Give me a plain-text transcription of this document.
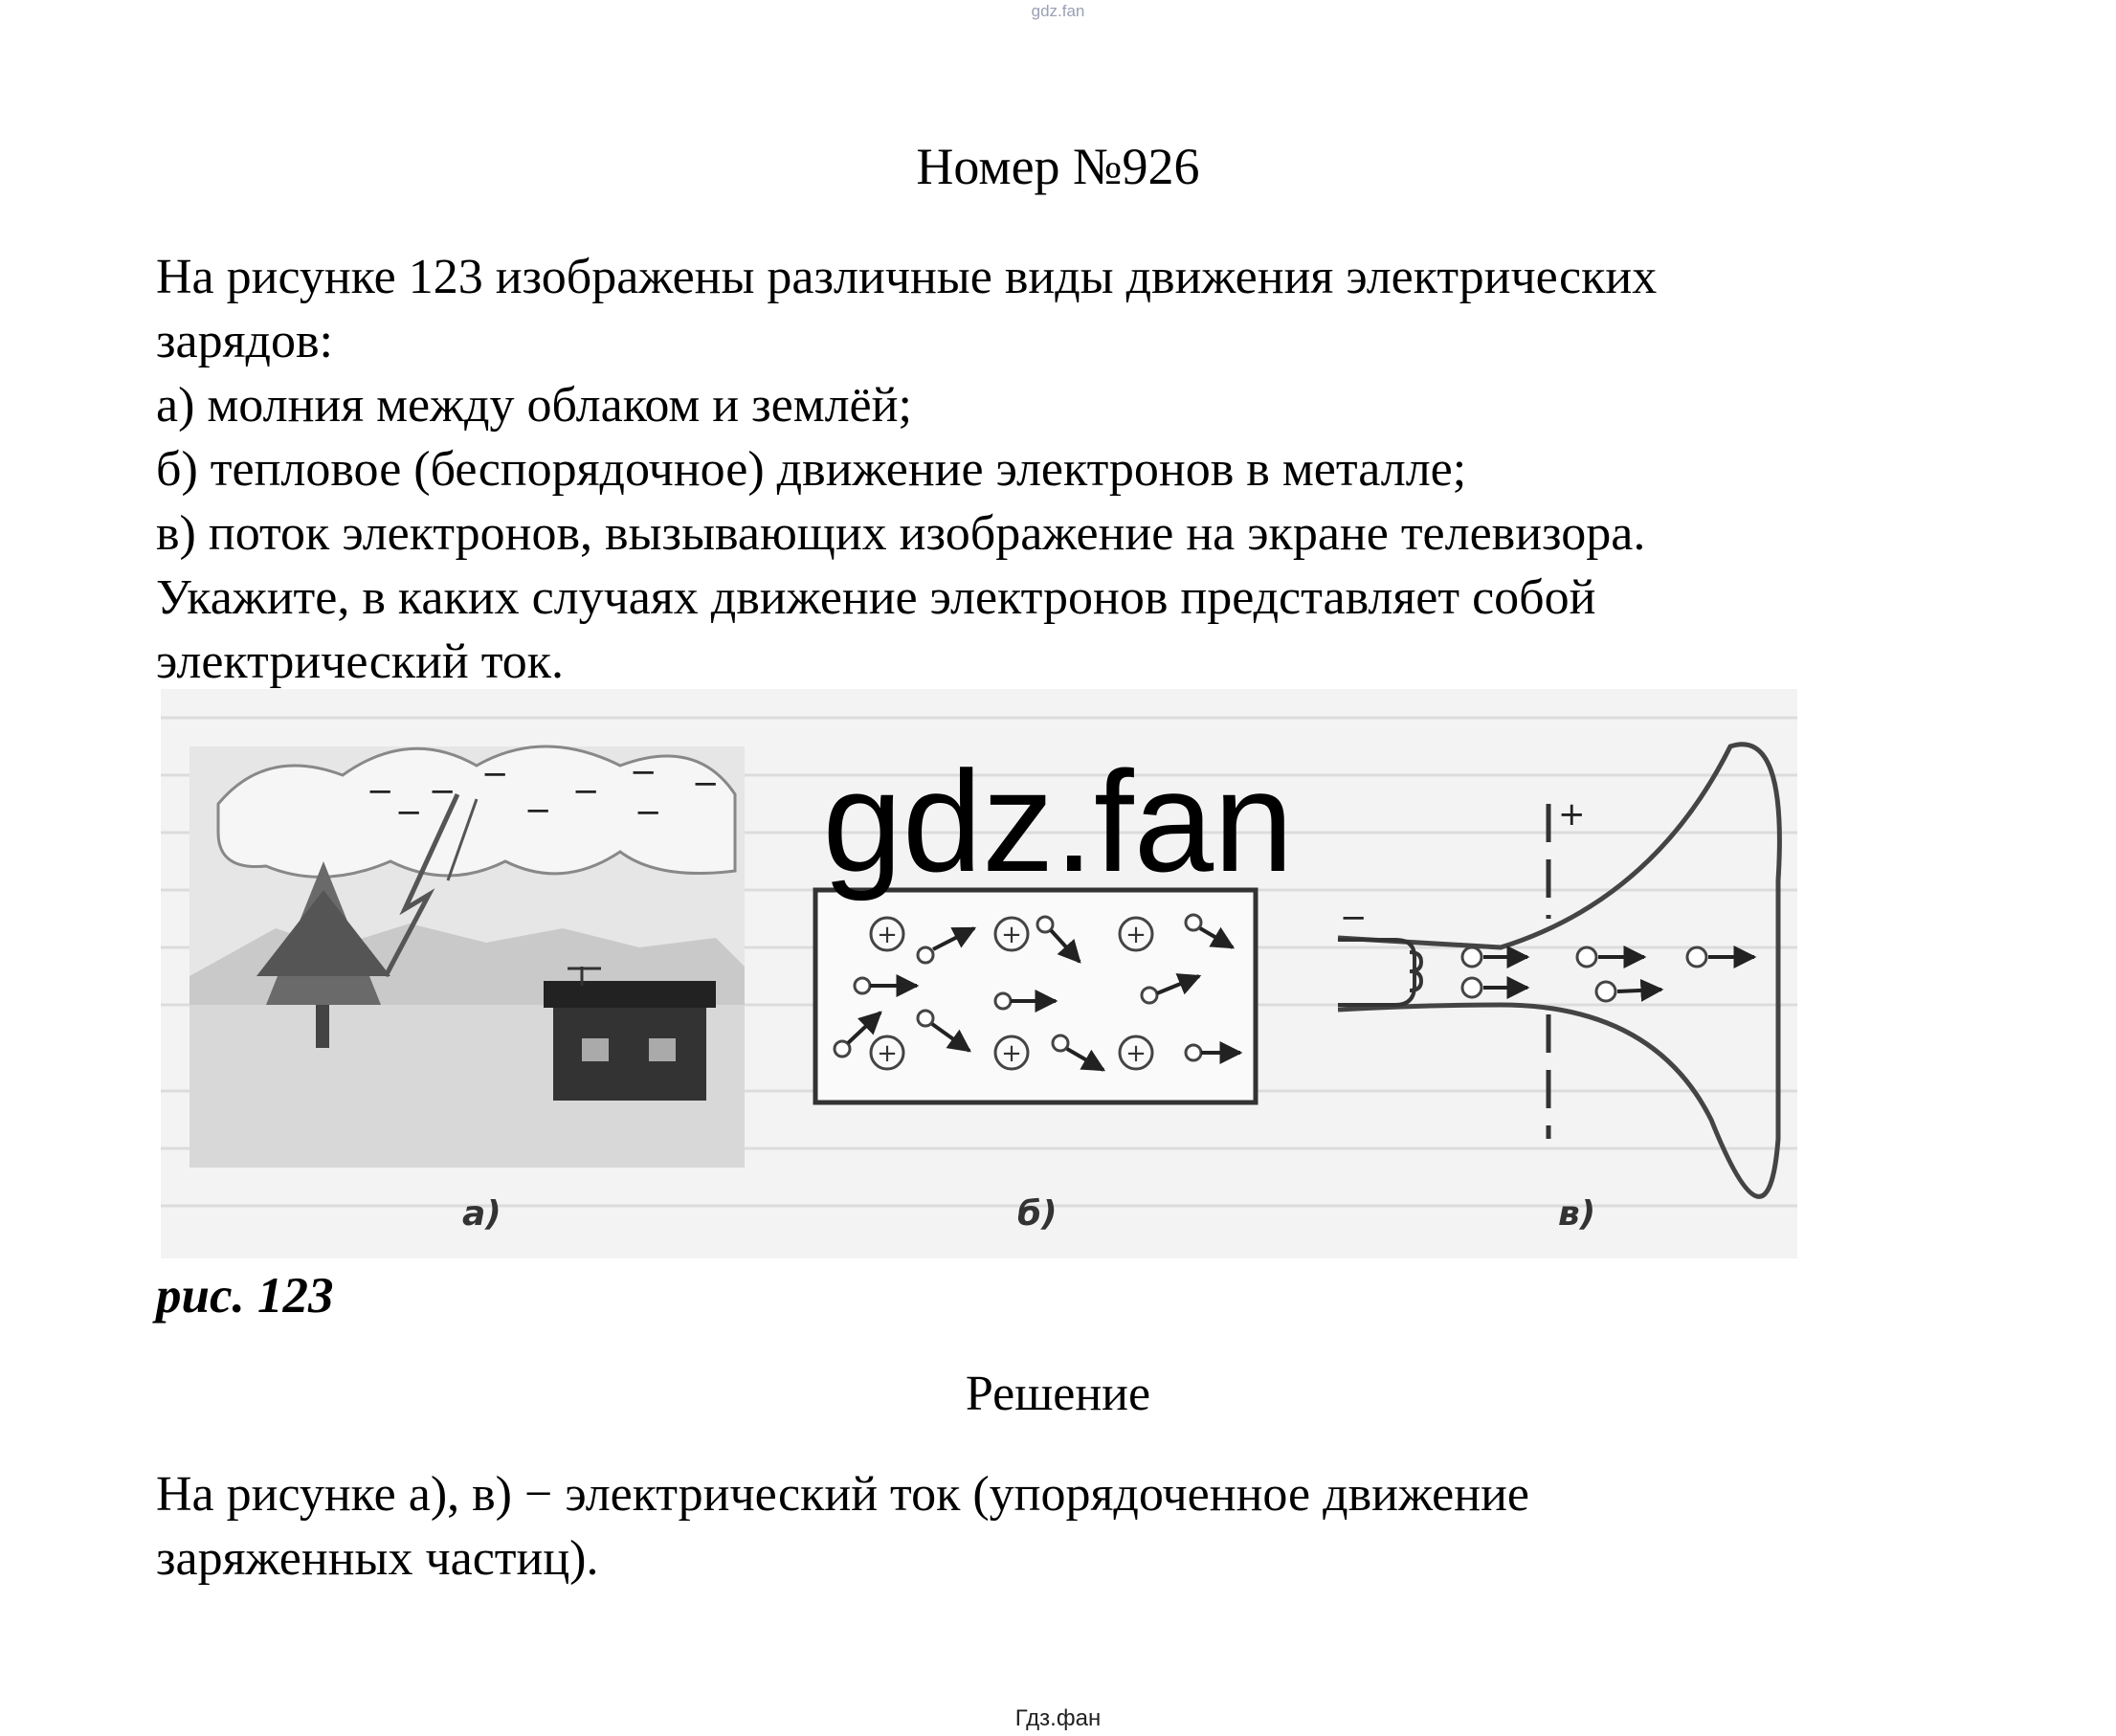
gdz.fan
Номер №926
На рисунке 123 изображены различные виды движения электрических
зарядов:
а) молния между облаком и землёй;
б) тепловое (беспорядочное) движение электронов в металле;
в) поток электронов, вызывающих изображение на экране телевизора.
Укажите, в каких случаях движение электронов представляет собой
электрический ток.
−
−
− −
− − −
−
−
+	+	+
+	+	+
−
+
а)	б)	в)
gdz.fan
рис. 123
Решение
На рисунке а), в) − электрический ток (упорядоченное движение
заряженных частиц).
Гдз.фан
